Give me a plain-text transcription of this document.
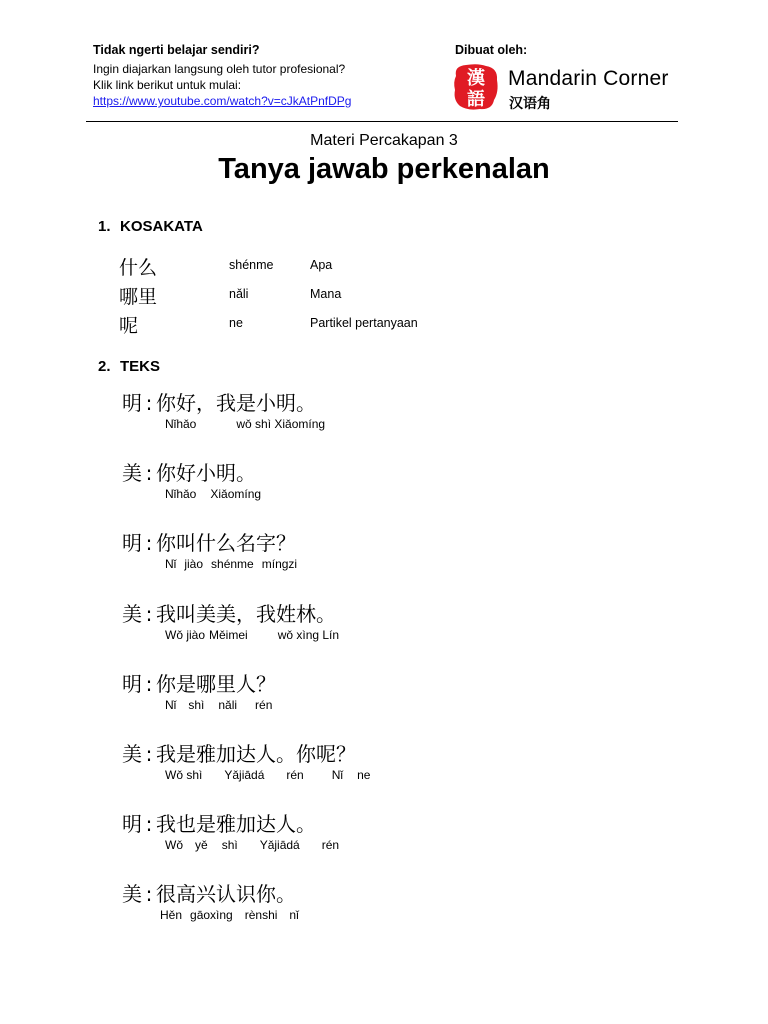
Tidak ngerti belajar sendiri?
Ingin diajarkan langsung oleh tutor profesional?
Klik link berikut untuk mulai:
https://www.youtube.com/watch?v=cJkAtPnfDPg
Dibuat oleh:
漢
語
Mandarin Corner
汉语角
Materi Percakapan 3
Tanya jawab perkenalan
1. KOSAKATA
什么	shénme	Apa
哪里	nǎli	Mana
呢	ne	Partikel pertanyaan
2. TEKS
明 : 你好，我是小明。
Nǐhǎo	wǒ shì Xiǎomíng
美 : 你好小明。
Nǐhǎo Xiǎomíng
明 : 你叫什么名字？
Nǐ jiào shénme míngzi
美 : 我叫美美，我姓林。
Wǒ jiào Měimei	wǒ xìng Lín
明 : 你是哪里人？
Nǐ shì nǎli rén
美 : 我是雅加达人。你呢？
Wǒ shì Yǎjiādá rén Nǐ ne
明 : 我也是雅加达人。
Wǒ yě shì Yǎjiādá rén
美 : 很高兴认识你。
Hěn gāoxìng rènshi nǐ
